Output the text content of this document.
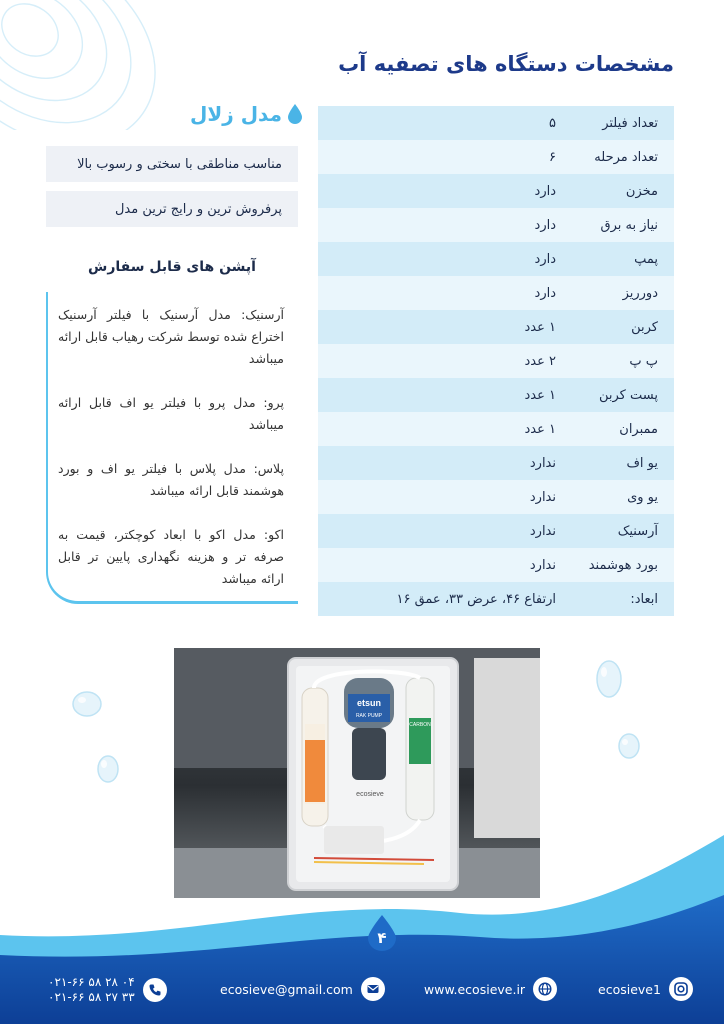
مشخصات دستگاه های تصفیه آب
مدل زلال
مناسب مناطقی با سختی و رسوب بالا
پرفروش ترین و رایج ترین مدل
آپشن های قابل سفارش

آرسنیک: مدل آرسنیک با فیلتر آرسنیک اختراع شده توسط شرکت رهیاب قابل ارائه میباشد

پرو: مدل پرو با فیلتر یو اف قابل ارائه میباشد

پلاس: مدل پلاس با فیلتر یو اف و بورد هوشمند قابل ارائه میباشد

اکو: مدل اکو با ابعاد کوچکتر، قیمت به صرفه تر و هزینه نگهداری پایین تر قابل ارائه میباشد

تعداد فیلتر
۵
تعداد مرحله
۶
مخزن
دارد
نیاز به برق
دارد
پمپ
دارد
دورریز
دارد
کربن
۱ عدد
پ پ
۲ عدد
پست کربن
۱ عدد
ممبران
۱ عدد
یو اف
ندارد
یو وی
ندارد
آرسنیک
ندارد
بورد هوشمند
ندارد
ابعاد:
ارتفاع ۴۶، عرض ۳۳، عمق ۱۶
etsun
RAK PUMP
CARBON
ecosieve
۴
ecosieve1
www.ecosieve.ir
ecosieve@gmail.com
۰۲۱-۶۶ ۵۸ ۲۸ ۰۴
۰۲۱-۶۶ ۵۸ ۲۷ ۳۳
